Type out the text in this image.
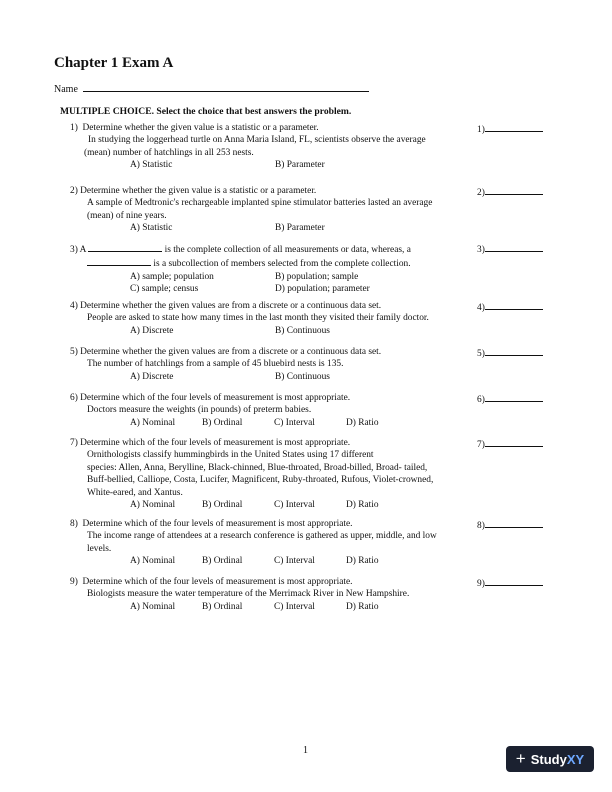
Chapter 1 Exam A
Name
MULTIPLE CHOICE. Select the choice that best answers the problem.
1) Determine whether the given value is a statistic or a parameter.
In studying the loggerhead turtle on Anna Maria Island, FL, scientists observe the average
(mean) number of hatchlings in all 253 nests.
A) Statistic	B) Parameter
1)
2) Determine whether the given value is a statistic or a parameter.
A sample of Medtronic's rechargeable implanted spine stimulator batteries lasted an average
(mean) of nine years.
A) Statistic	B) Parameter
2)
3) A	is the complete collection of all measurements or data, whereas, a
is a subcollection of members selected from the complete collection.
A) sample; population	B) population; sample
C) sample; census	D) population; parameter
3)
4) Determine whether the given values are from a discrete or a continuous data set.
People are asked to state how many times in the last month they visited their family doctor.
A) Discrete	B) Continuous
4)
5) Determine whether the given values are from a discrete or a continuous data set.
The number of hatchlings from a sample of 45 bluebird nests is 135.
A) Discrete	B) Continuous
5)
6) Determine which of the four levels of measurement is most appropriate.
Doctors measure the weights (in pounds) of preterm babies.
A) Nominal	B) Ordinal	C) Interval	D) Ratio
6)
7) Determine which of the four levels of measurement is most appropriate.
Ornithologists classify hummingbirds in the United States using 17 different
species: Allen, Anna, Berylline, Black-chinned, Blue-throated, Broad-billed, Broad- tailed,
Buff-bellied, Calliope, Costa, Lucifer, Magnificent, Ruby-throated, Rufous, Violet-crowned,
White-eared, and Xantus.
A) Nominal	B) Ordinal	C) Interval	D) Ratio
7)
8) Determine which of the four levels of measurement is most appropriate.
The income range of attendees at a research conference is gathered as upper, middle, and low
levels.
A) Nominal	B) Ordinal	C) Interval	D) Ratio
8)
9) Determine which of the four levels of measurement is most appropriate.
Biologists measure the water temperature of the Merrimack River in New Hampshire.
A) Nominal	B) Ordinal	C) Interval	D) Ratio
9)
1	+ StudyXY
